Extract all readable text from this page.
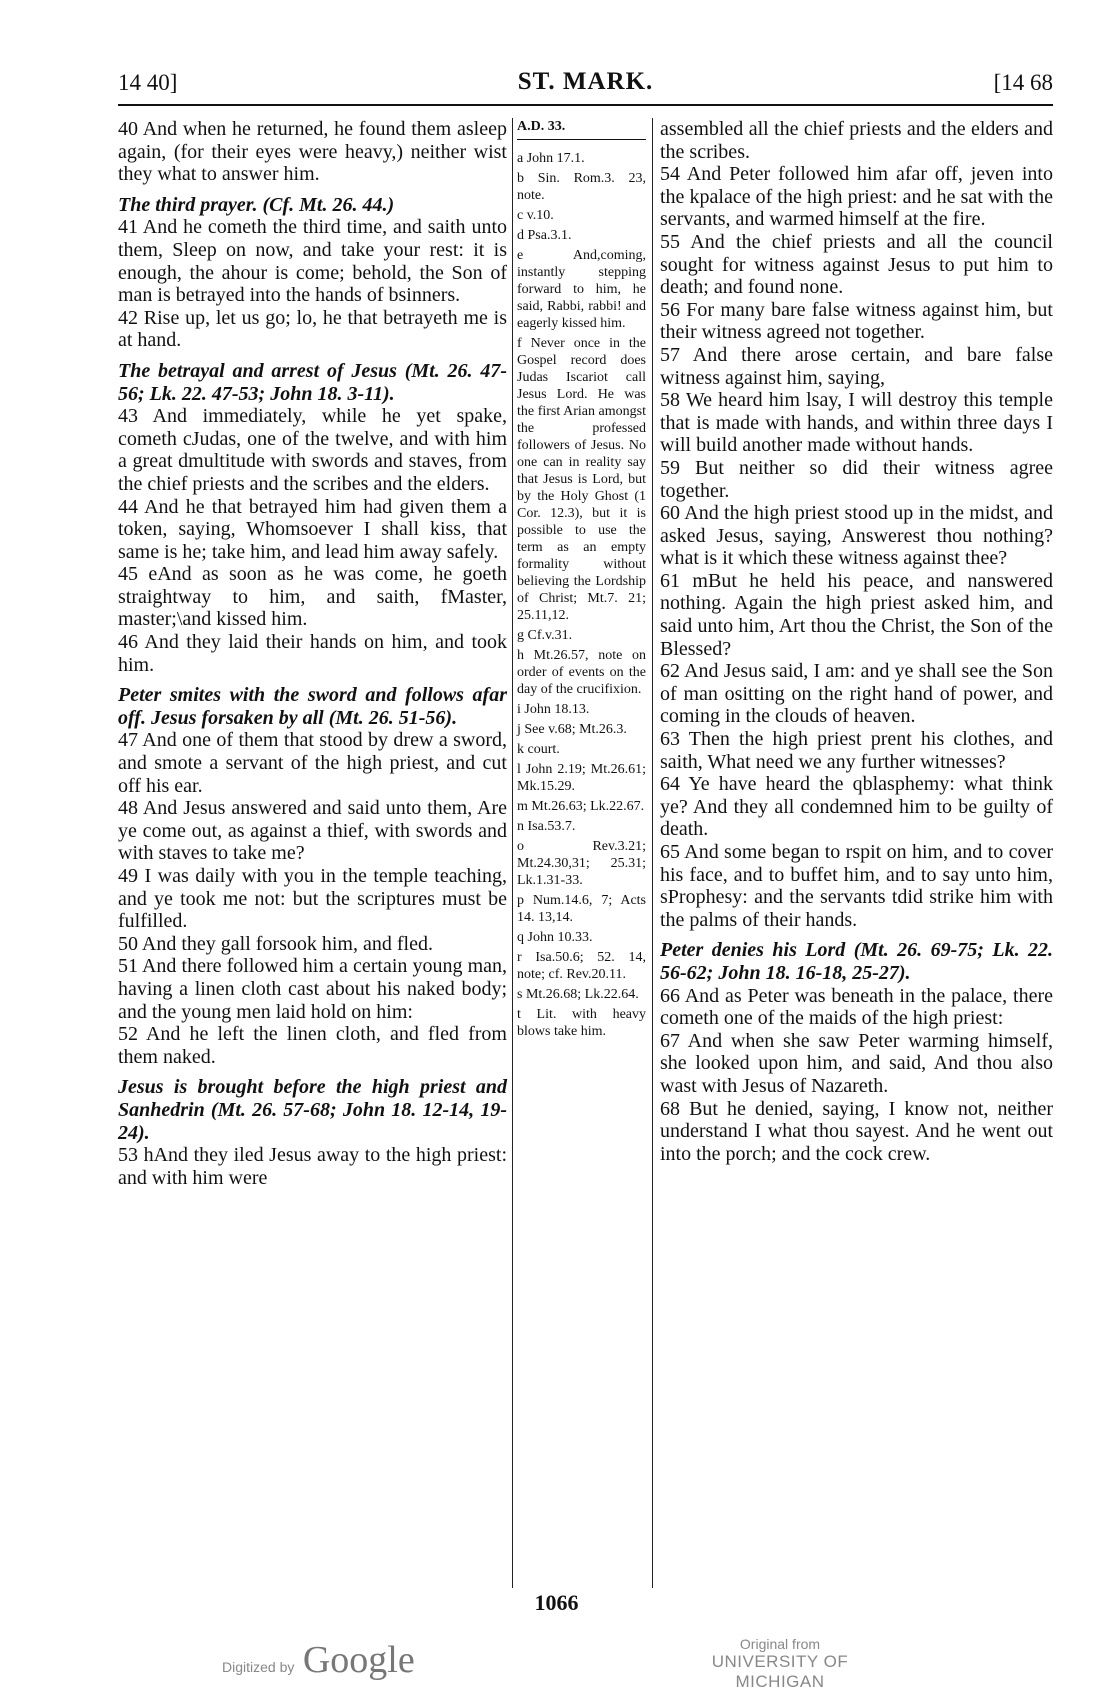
14 40]	ST. MARK.	[14 68

40 And when he returned, he found them asleep again, (for their eyes were heavy,) neither wist they what to answer him.

The third prayer. (Cf. Mt. 26. 44.)

41 And he cometh the third time, and saith unto them, Sleep on now, and take your rest: it is enough, the ahour is come; behold, the Son of man is betrayed into the hands of bsinners.

42 Rise up, let us go; lo, he that betrayeth me is at hand.

The betrayal and arrest of Jesus (Mt. 26. 47-56; Lk. 22. 47-53; John 18. 3-11).

43 And immediately, while he yet spake, cometh cJudas, one of the twelve, and with him a great dmultitude with swords and staves, from the chief priests and the scribes and the elders.

44 And he that betrayed him had given them a token, saying, Whomsoever I shall kiss, that same is he; take him, and lead him away safely.

45 eAnd as soon as he was come, he goeth straightway to him, and saith, fMaster, master;\and kissed him.

46 And they laid their hands on him, and took him.

Peter smites with the sword and follows afar off. Jesus forsaken by all (Mt. 26. 51-56).

47 And one of them that stood by drew a sword, and smote a servant of the high priest, and cut off his ear.

48 And Jesus answered and said unto them, Are ye come out, as against a thief, with swords and with staves to take me?

49 I was daily with you in the temple teaching, and ye took me not: but the scriptures must be fulfilled.

50 And they gall forsook him, and fled.

51 And there followed him a certain young man, having a linen cloth cast about his naked body; and the young men laid hold on him:

52 And he left the linen cloth, and fled from them naked.

Jesus is brought before the high priest and Sanhedrin (Mt. 26. 57-68; John 18. 12-14, 19-24).

53 hAnd they iled Jesus away to the high priest: and with him were

A.D. 33.

a John 17.1.

b Sin. Rom.3. 23, note.

c v.10.

d Psa.3.1.

e And,coming, instantly stepping forward to him, he said, Rabbi, rabbi! and eagerly kissed him.

f Never once in the Gospel record does Judas Iscariot call Jesus Lord. He was the first Arian amongst the professed followers of Jesus. No one can in reality say that Jesus is Lord, but by the Holy Ghost (1 Cor. 12.3), but it is possible to use the term as an empty formality without believing the Lordship of Christ; Mt.7. 21; 25.11,12.

g Cf.v.31.

h Mt.26.57, note on order of events on the day of the crucifixion.

i John 18.13.

j See v.68; Mt.26.3.

k court.

l John 2.19; Mt.26.61; Mk.15.29.

m Mt.26.63; Lk.22.67.

n Isa.53.7.

o Rev.3.21; Mt.24.30,31; 25.31; Lk.1.31-33.

p Num.14.6, 7; Acts 14. 13,14.

q John 10.33.

r Isa.50.6; 52. 14, note; cf. Rev.20.11.

s Mt.26.68; Lk.22.64.

t Lit. with heavy blows take him.

assembled all the chief priests and the elders and the scribes.

54 And Peter followed him afar off, jeven into the kpalace of the high priest: and he sat with the servants, and warmed himself at the fire.

55 And the chief priests and all the council sought for witness against Jesus to put him to death; and found none.

56 For many bare false witness against him, but their witness agreed not together.

57 And there arose certain, and bare false witness against him, saying,

58 We heard him lsay, I will destroy this temple that is made with hands, and within three days I will build another made without hands.

59 But neither so did their witness agree together.

60 And the high priest stood up in the midst, and asked Jesus, saying, Answerest thou nothing? what is it which these witness against thee?

61 mBut he held his peace, and nanswered nothing. Again the high priest asked him, and said unto him, Art thou the Christ, the Son of the Blessed?

62 And Jesus said, I am: and ye shall see the Son of man ositting on the right hand of power, and coming in the clouds of heaven.

63 Then the high priest prent his clothes, and saith, What need we any further witnesses?

64 Ye have heard the qblasphemy: what think ye? And they all condemned him to be guilty of death.

65 And some began to rspit on him, and to cover his face, and to buffet him, and to say unto him, sProphesy: and the servants tdid strike him with the palms of their hands.

Peter denies his Lord (Mt. 26. 69-75; Lk. 22. 56-62; John 18. 16-18, 25-27).

66 And as Peter was beneath in the palace, there cometh one of the maids of the high priest:

67 And when she saw Peter warming himself, she looked upon him, and said, And thou also wast with Jesus of Nazareth.

68 But he denied, saying, I know not, neither understand I what thou sayest. And he went out into the porch; and the cock crew.

1066
Digitized by Google	Original from
UNIVERSITY OF MICHIGAN
